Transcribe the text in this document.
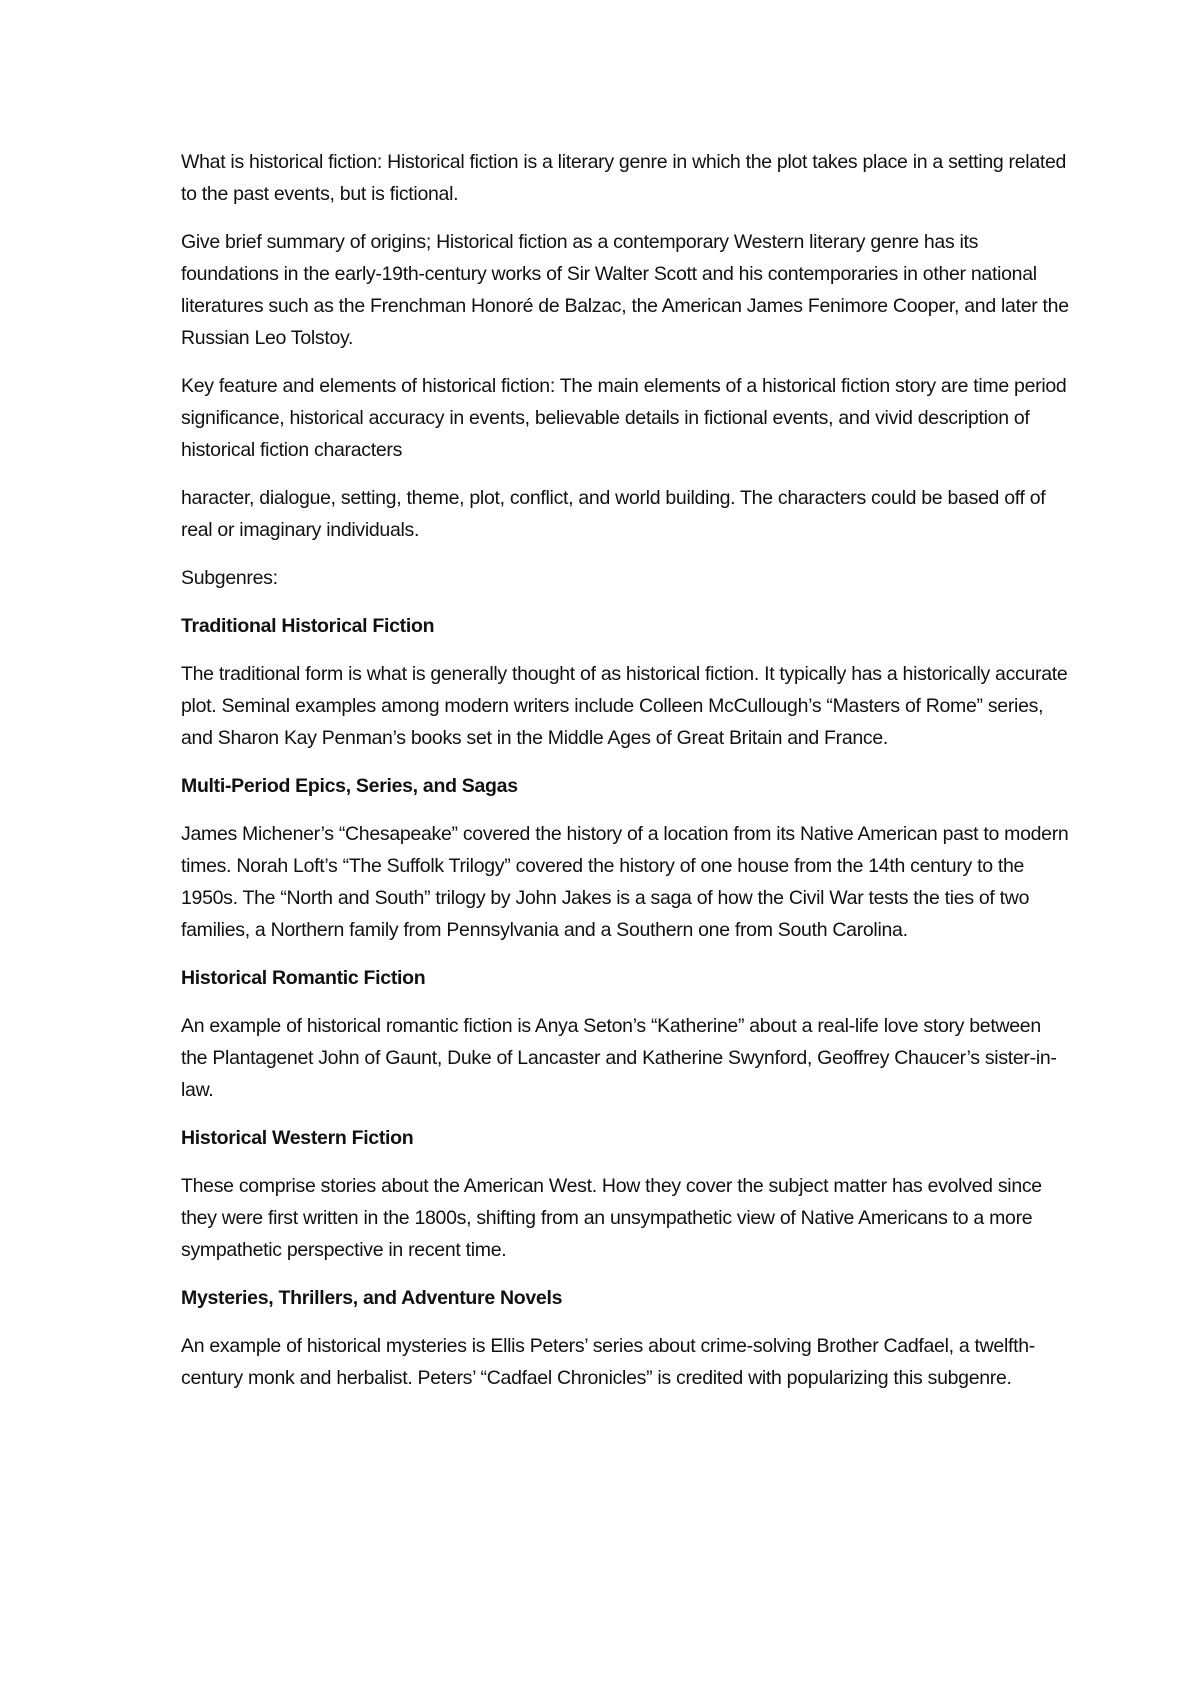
What is historical fiction: Historical fiction is a literary genre in which the plot takes place in a setting related to the past events, but is fictional.

Give brief summary of origins; Historical fiction as a contemporary Western literary genre has its foundations in the early-19th-century works of Sir Walter Scott and his contemporaries in other national literatures such as the Frenchman Honoré de Balzac, the American James Fenimore Cooper, and later the Russian Leo Tolstoy.

Key feature and elements of historical fiction: The main elements of a historical fiction story are time period significance, historical accuracy in events, believable details in fictional events, and vivid description of historical fiction characters

haracter, dialogue, setting, theme, plot, conflict, and world building. The characters could be based off of real or imaginary individuals.

Subgenres:

Traditional Historical Fiction

The traditional form is what is generally thought of as historical fiction. It typically has a historically accurate plot. Seminal examples among modern writers include Colleen McCullough’s “Masters of Rome” series, and Sharon Kay Penman’s books set in the Middle Ages of Great Britain and France.

Multi-Period Epics, Series, and Sagas

James Michener’s “Chesapeake” covered the history of a location from its Native American past to modern times. Norah Loft’s “The Suffolk Trilogy” covered the history of one house from the 14th century to the 1950s. The “North and South” trilogy by John Jakes is a saga of how the Civil War tests the ties of two families, a Northern family from Pennsylvania and a Southern one from South Carolina.

Historical Romantic Fiction

An example of historical romantic fiction is Anya Seton’s “Katherine” about a real-life love story between the Plantagenet John of Gaunt, Duke of Lancaster and Katherine Swynford, Geoffrey Chaucer’s sister-in-law.

Historical Western Fiction

These comprise stories about the American West. How they cover the subject matter has evolved since they were first written in the 1800s, shifting from an unsympathetic view of Native Americans to a more sympathetic perspective in recent time.

Mysteries, Thrillers, and Adventure Novels

An example of historical mysteries is Ellis Peters’ series about crime-solving Brother Cadfael, a twelfth-century monk and herbalist. Peters’ “Cadfael Chronicles” is credited with popularizing this subgenre.
